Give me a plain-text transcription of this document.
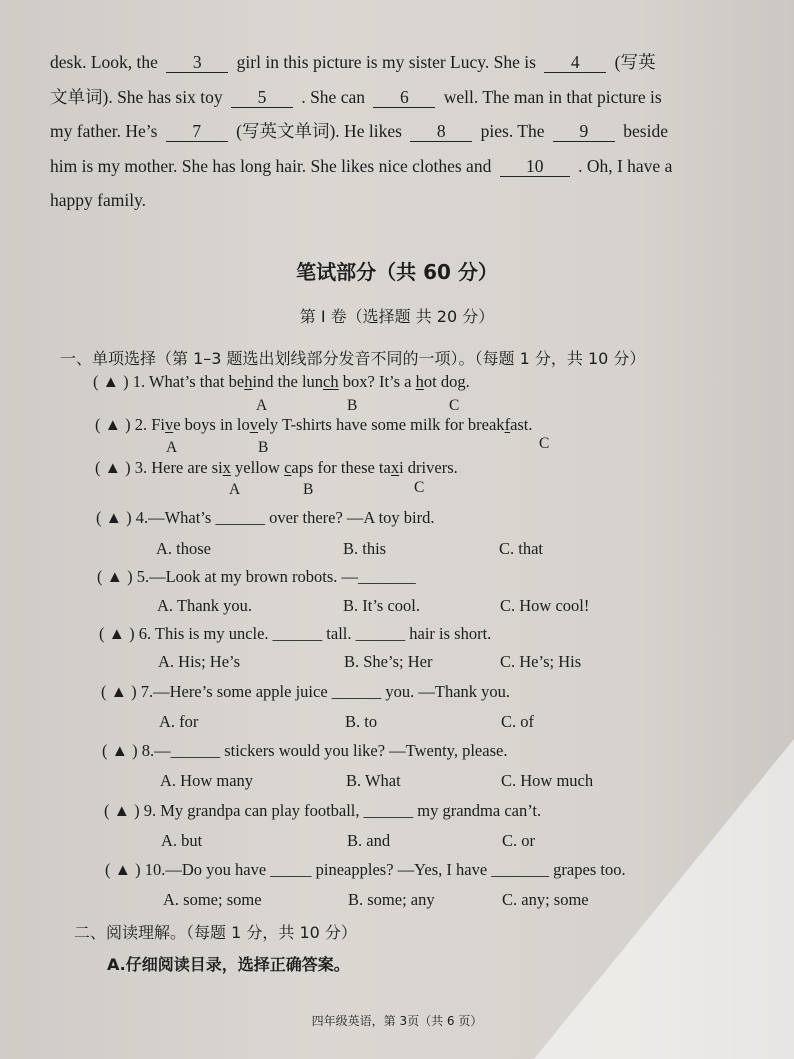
desk. Look, the 3 girl in this picture is my sister Lucy. She is 4 (写英
文单词). She has six toy 5 . She can 6 well. The man in that picture is
my father. He’s 7 (写英文单词). He likes 8 pies. The 9 beside
him is my mother. She has long hair. She likes nice clothes and 10 . Oh, I have a
happy family.
笔试部分（共 60 分）
第 I 卷（选择题 共 20 分）
一、单项选择（第 1–3 题选出划线部分发音不同的一项）。（每题 1 分，共 10 分）
( ▲ ) 1. What’s that behind the lunch box? It’s a hot dog.
A	B	C
( ▲ ) 2. Five boys in lovely T-shirts have some milk for breakfast.
A	B	C
( ▲ ) 3. Here are six yellow caps for these taxi drivers.
A	B	C
( ▲ ) 4.—What’s ______ over there? —A toy bird.
A. those	B. this	C. that
( ▲ ) 5.—Look at my brown robots. —_______
A. Thank you.	B. It’s cool.	C. How cool!
( ▲ ) 6. This is my uncle. ______ tall. ______ hair is short.
A. His; He’s	B. She’s; Her	C. He’s; His
( ▲ ) 7.—Here’s some apple juice ______ you. —Thank you.
A. for	B. to	C. of
( ▲ ) 8.—______ stickers would you like? —Twenty, please.
A. How many	B. What	C. How much
( ▲ ) 9. My grandpa can play football, ______ my grandma can’t.
A. but	B. and	C. or
( ▲ ) 10.—Do you have _____ pineapples? —Yes, I have _______ grapes too.
A. some; some	B. some; any	C. any; some
二、阅读理解。（每题 1 分，共 10 分）
A.仔细阅读目录，选择正确答案。
四年级英语，第 3页（共 6 页）
